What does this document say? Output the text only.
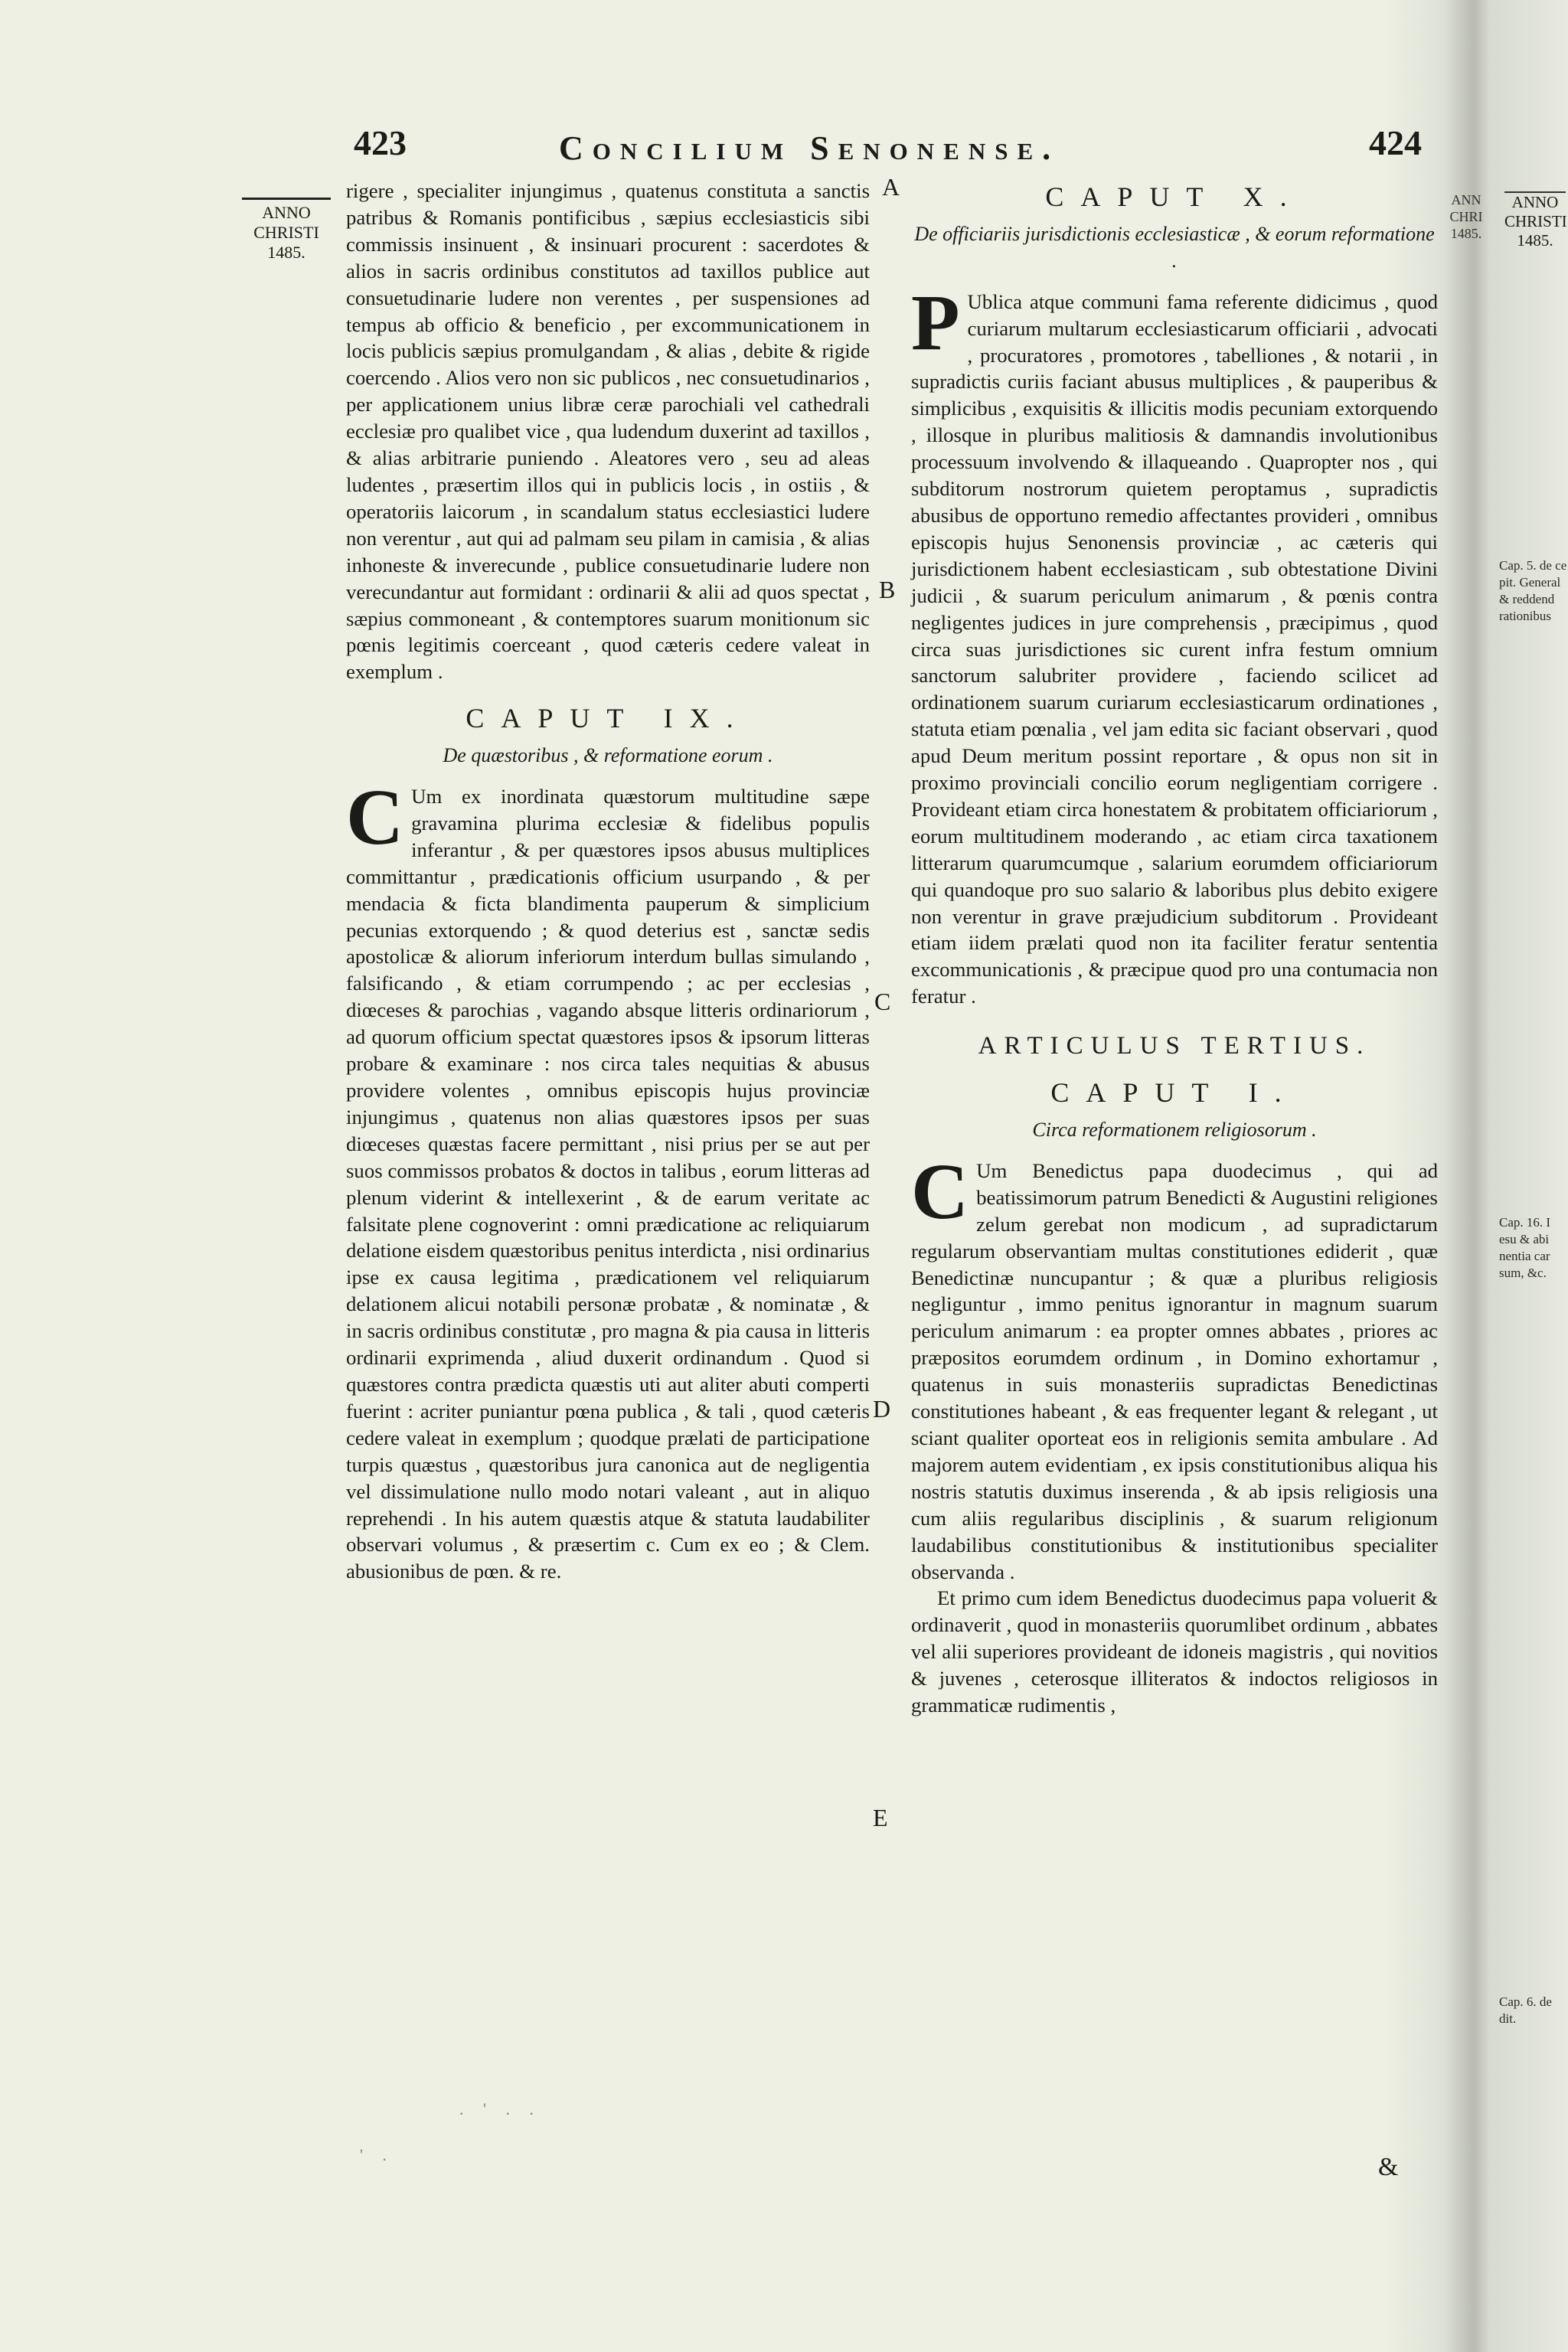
423	Concilium Senonense.	424
ANNO
CHRISTI
1485.
ANN
CHRI
1485.
ANNO
CHRISTI
1485.
A
B
C
D
E
Cap. 5. de ce pit. General & reddend rationibus
Cap. 16. I esu & abi nentia car sum, &c.
Cap. 6. de dit.

rigere , specialiter injungimus , quatenus constituta a sanctis patribus & Romanis pontificibus , sæpius ecclesiasticis sibi commissis insinuent , & insinuari procurent : sacerdotes & alios in sacris ordinibus constitutos ad taxillos publice aut consuetudinarie ludere non verentes , per suspensiones ad tempus ab officio & beneficio , per excommunicationem in locis publicis sæpius promulgandam , & alias , debite & rigide coercendo . Alios vero non sic publicos , nec consuetudinarios , per applicationem unius libræ ceræ parochiali vel cathedrali ecclesiæ pro qualibet vice , qua ludendum duxerint ad taxillos , & alias arbitrarie puniendo . Aleatores vero , seu ad aleas ludentes , præsertim illos qui in publicis locis , in ostiis , & operatoriis laicorum , in scandalum status ecclesiastici ludere non verentur , aut qui ad palmam seu pilam in camisia , & alias inhoneste & inverecunde , publice consuetudinarie ludere non verecundantur aut formidant : ordinarii & alii ad quos spectat , sæpius commoneant , & contemptores suarum monitionum sic pœnis legitimis coerceant , quod cæteris cedere valeat in exemplum .

CAPUT IX.
De quæstoribus , & reformatione eorum .

C Um ex inordinata quæstorum multitudine sæpe gravamina plurima ecclesiæ & fidelibus populis inferantur , & per quæstores ipsos abusus multiplices committantur , prædicationis officium usurpando , & per mendacia & ficta blandimenta pauperum & simplicium pecunias extorquendo ; & quod deterius est , sanctæ sedis apostolicæ & aliorum inferiorum interdum bullas simulando , falsificando , & etiam corrumpendo ; ac per ecclesias , diœceses & parochias , vagando absque litteris ordinariorum , ad quorum officium spectat quæstores ipsos & ipsorum litteras probare & examinare : nos circa tales nequitias & abusus providere volentes , omnibus episcopis hujus provinciæ injungimus , quatenus non alias quæstores ipsos per suas diœceses quæstas facere permittant , nisi prius per se aut per suos commissos probatos & doctos in talibus , eorum litteras ad plenum viderint & intellexerint , & de earum veritate ac falsitate plene cognoverint : omni prædicatione ac reliquiarum delatione eisdem quæstoribus penitus interdicta , nisi ordinarius ipse ex causa legitima , prædicationem vel reliquiarum delationem alicui notabili personæ probatæ , & nominatæ , & in sacris ordinibus constitutæ , pro magna & pia causa in litteris ordinarii exprimenda , aliud duxerit ordinandum . Quod si quæstores contra prædicta quæstis uti aut aliter abuti comperti fuerint : acriter puniantur pœna publica , & tali , quod cæteris cedere valeat in exemplum ; quodque prælati de participatione turpis quæstus , quæstoribus jura canonica aut de negligentia vel dissimulatione nullo modo notari valeant , aut in aliquo reprehendi . In his autem quæstis atque & statuta laudabiliter observari volumus , & præsertim c. Cum ex eo ; & Clem. abusionibus de pœn. & re.

CAPUT X.
De officiariis jurisdictionis ecclesiasticæ , & eorum reformatione .

P Ublica atque communi fama referente didicimus , quod curiarum multarum ecclesiasticarum officiarii , advocati , procuratores , promotores , tabelliones , & notarii , in supradictis curiis faciant abusus multiplices , & pauperibus & simplicibus , exquisitis & illicitis modis pecuniam extorquendo , illosque in pluribus malitiosis & damnandis involutionibus processuum involvendo & illaqueando . Quapropter nos , qui subditorum nostrorum quietem peroptamus , supradictis abusibus de opportuno remedio affectantes provideri , omnibus episcopis hujus Senonensis provinciæ , ac cæteris qui jurisdictionem habent ecclesiasticam , sub obtestatione Divini judicii , & suarum periculum animarum , & pœnis contra negligentes judices in jure comprehensis , præcipimus , quod circa suas jurisdictiones sic curent infra festum omnium sanctorum salubriter providere , faciendo scilicet ad ordinationem suarum curiarum ecclesiasticarum ordinationes , statuta etiam pœnalia , vel jam edita sic faciant observari , quod apud Deum meritum possint reportare , & opus non sit in proximo provinciali concilio eorum negligentiam corrigere . Provideant etiam circa honestatem & probitatem officiariorum , eorum multitudinem moderando , ac etiam circa taxationem litterarum quarumcumque , salarium eorumdem officiariorum qui quandoque pro suo salario & laboribus plus debito exigere non verentur in grave præjudicium subditorum . Provideant etiam iidem prælati quod non ita faciliter feratur sententia excommunicationis , & præcipue quod pro una contumacia non feratur .

ARTICULUS TERTIUS.
CAPUT I.
Circa reformationem religiosorum .

C Um Benedictus papa duodecimus , qui ad beatissimorum patrum Benedicti & Augustini religiones zelum gerebat non modicum , ad supradictarum regularum observantiam multas constitutiones ediderit , quæ Benedictinæ nuncupantur ; & quæ a pluribus religiosis negliguntur , immo penitus ignorantur in magnum suarum periculum animarum : ea propter omnes abbates , priores ac præpositos eorumdem ordinum , in Domino exhortamur , quatenus in suis monasteriis supradictas Benedictinas constitutiones habeant , & eas frequenter legant & relegant , ut sciant qualiter oporteat eos in religionis semita ambulare . Ad majorem autem evidentiam , ex ipsis constitutionibus aliqua his nostris statutis duximus inserenda , & ab ipsis religiosis una cum aliis regularibus disciplinis , & suarum religionum laudabilibus constitutionibus & institutionibus specialiter observanda .

Et primo cum idem Benedictus duodecimus papa voluerit & ordinaverit , quod in monasteriis quorumlibet ordinum , abbates vel alii superiores provideant de idoneis magistris , qui novitios & juvenes , ceterosque illiteratos & indoctos religiosos in grammaticæ rudimentis ,

&
. ' . .
' .
